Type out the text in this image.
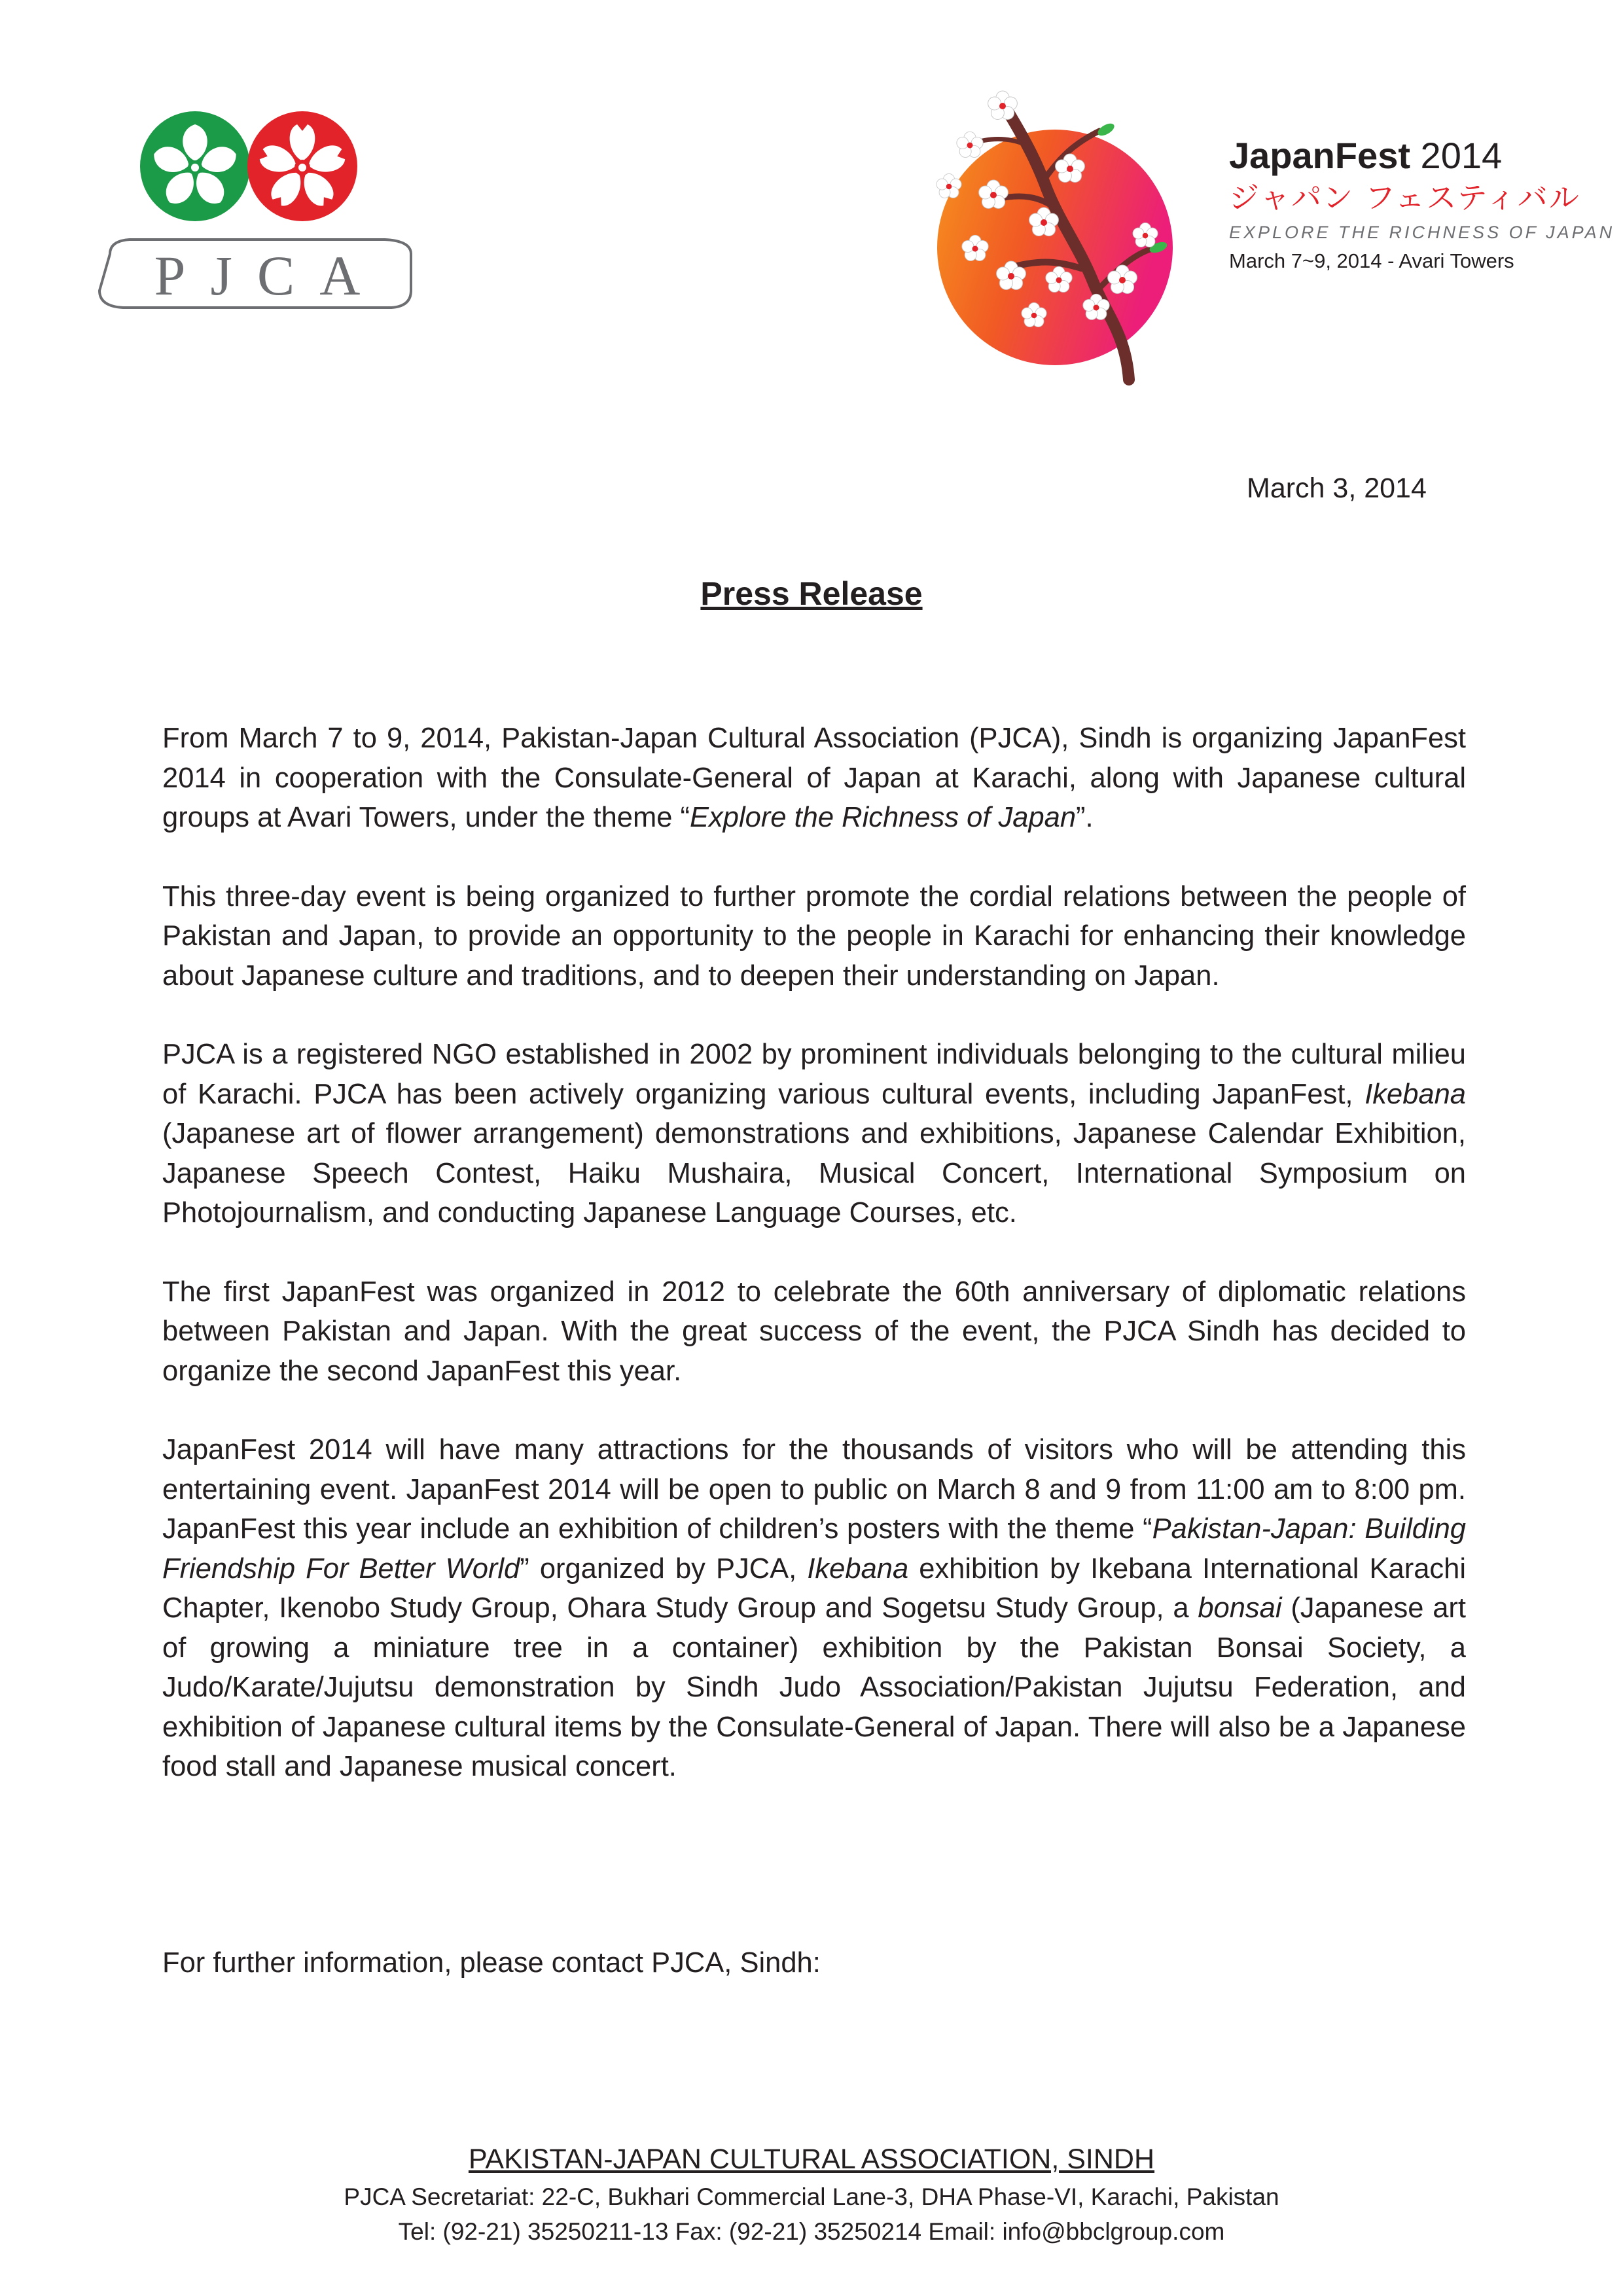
PJCA
JapanFest 2014
ジャパン フェスティバル
EXPLORE THE RICHNESS OF JAPAN
March 7~9, 2014 - Avari Towers
March 3, 2014
Press Release

From March 7 to 9, 2014, Pakistan-Japan Cultural Association (PJCA), Sindh is organizing JapanFest 2014 in cooperation with the Consulate-General of Japan at Karachi, along with Japanese cultural groups at Avari Towers, under the theme “Explore the Richness of Japan”.

This three-day event is being organized to further promote the cordial relations between the people of Pakistan and Japan, to provide an opportunity to the people in Karachi for enhancing their knowledge about Japanese culture and traditions, and to deepen their understanding on Japan.

PJCA is a registered NGO established in 2002 by prominent individuals belonging to the cultural milieu of Karachi. PJCA has been actively organizing various cultural events, including JapanFest, Ikebana (Japanese art of flower arrangement) demonstrations and exhibitions, Japanese Calendar Exhibition, Japanese Speech Contest, Haiku Mushaira, Musical Concert, International Symposium on Photojournalism, and conducting Japanese Language Courses, etc.

The first JapanFest was organized in 2012 to celebrate the 60th anniversary of diplomatic relations between Pakistan and Japan. With the great success of the event, the PJCA Sindh has decided to organize the second JapanFest this year.

JapanFest 2014 will have many attractions for the thousands of visitors who will be attending this entertaining event. JapanFest 2014 will be open to public on March 8 and 9 from 11:00 am to 8:00 pm. JapanFest this year include an exhibition of children’s posters with the theme “Pakistan-Japan: Building Friendship For Better World” organized by PJCA, Ikebana exhibition by Ikebana International Karachi Chapter, Ikenobo Study Group, Ohara Study Group and Sogetsu Study Group, a bonsai (Japanese art of growing a miniature tree in a container) exhibition by the Pakistan Bonsai Society, a Judo/Karate/Jujutsu demonstration by Sindh Judo Association/Pakistan Jujutsu Federation, and exhibition of Japanese cultural items by the Consulate-General of Japan. There will also be a Japanese food stall and Japanese musical concert.

For further information, please contact PJCA, Sindh:
PAKISTAN-JAPAN CULTURAL ASSOCIATION, SINDH
PJCA Secretariat: 22-C, Bukhari Commercial Lane-3, DHA Phase-VI, Karachi, Pakistan
Tel: (92-21) 35250211-13 Fax: (92-21) 35250214 Email: info@bbclgroup.com
